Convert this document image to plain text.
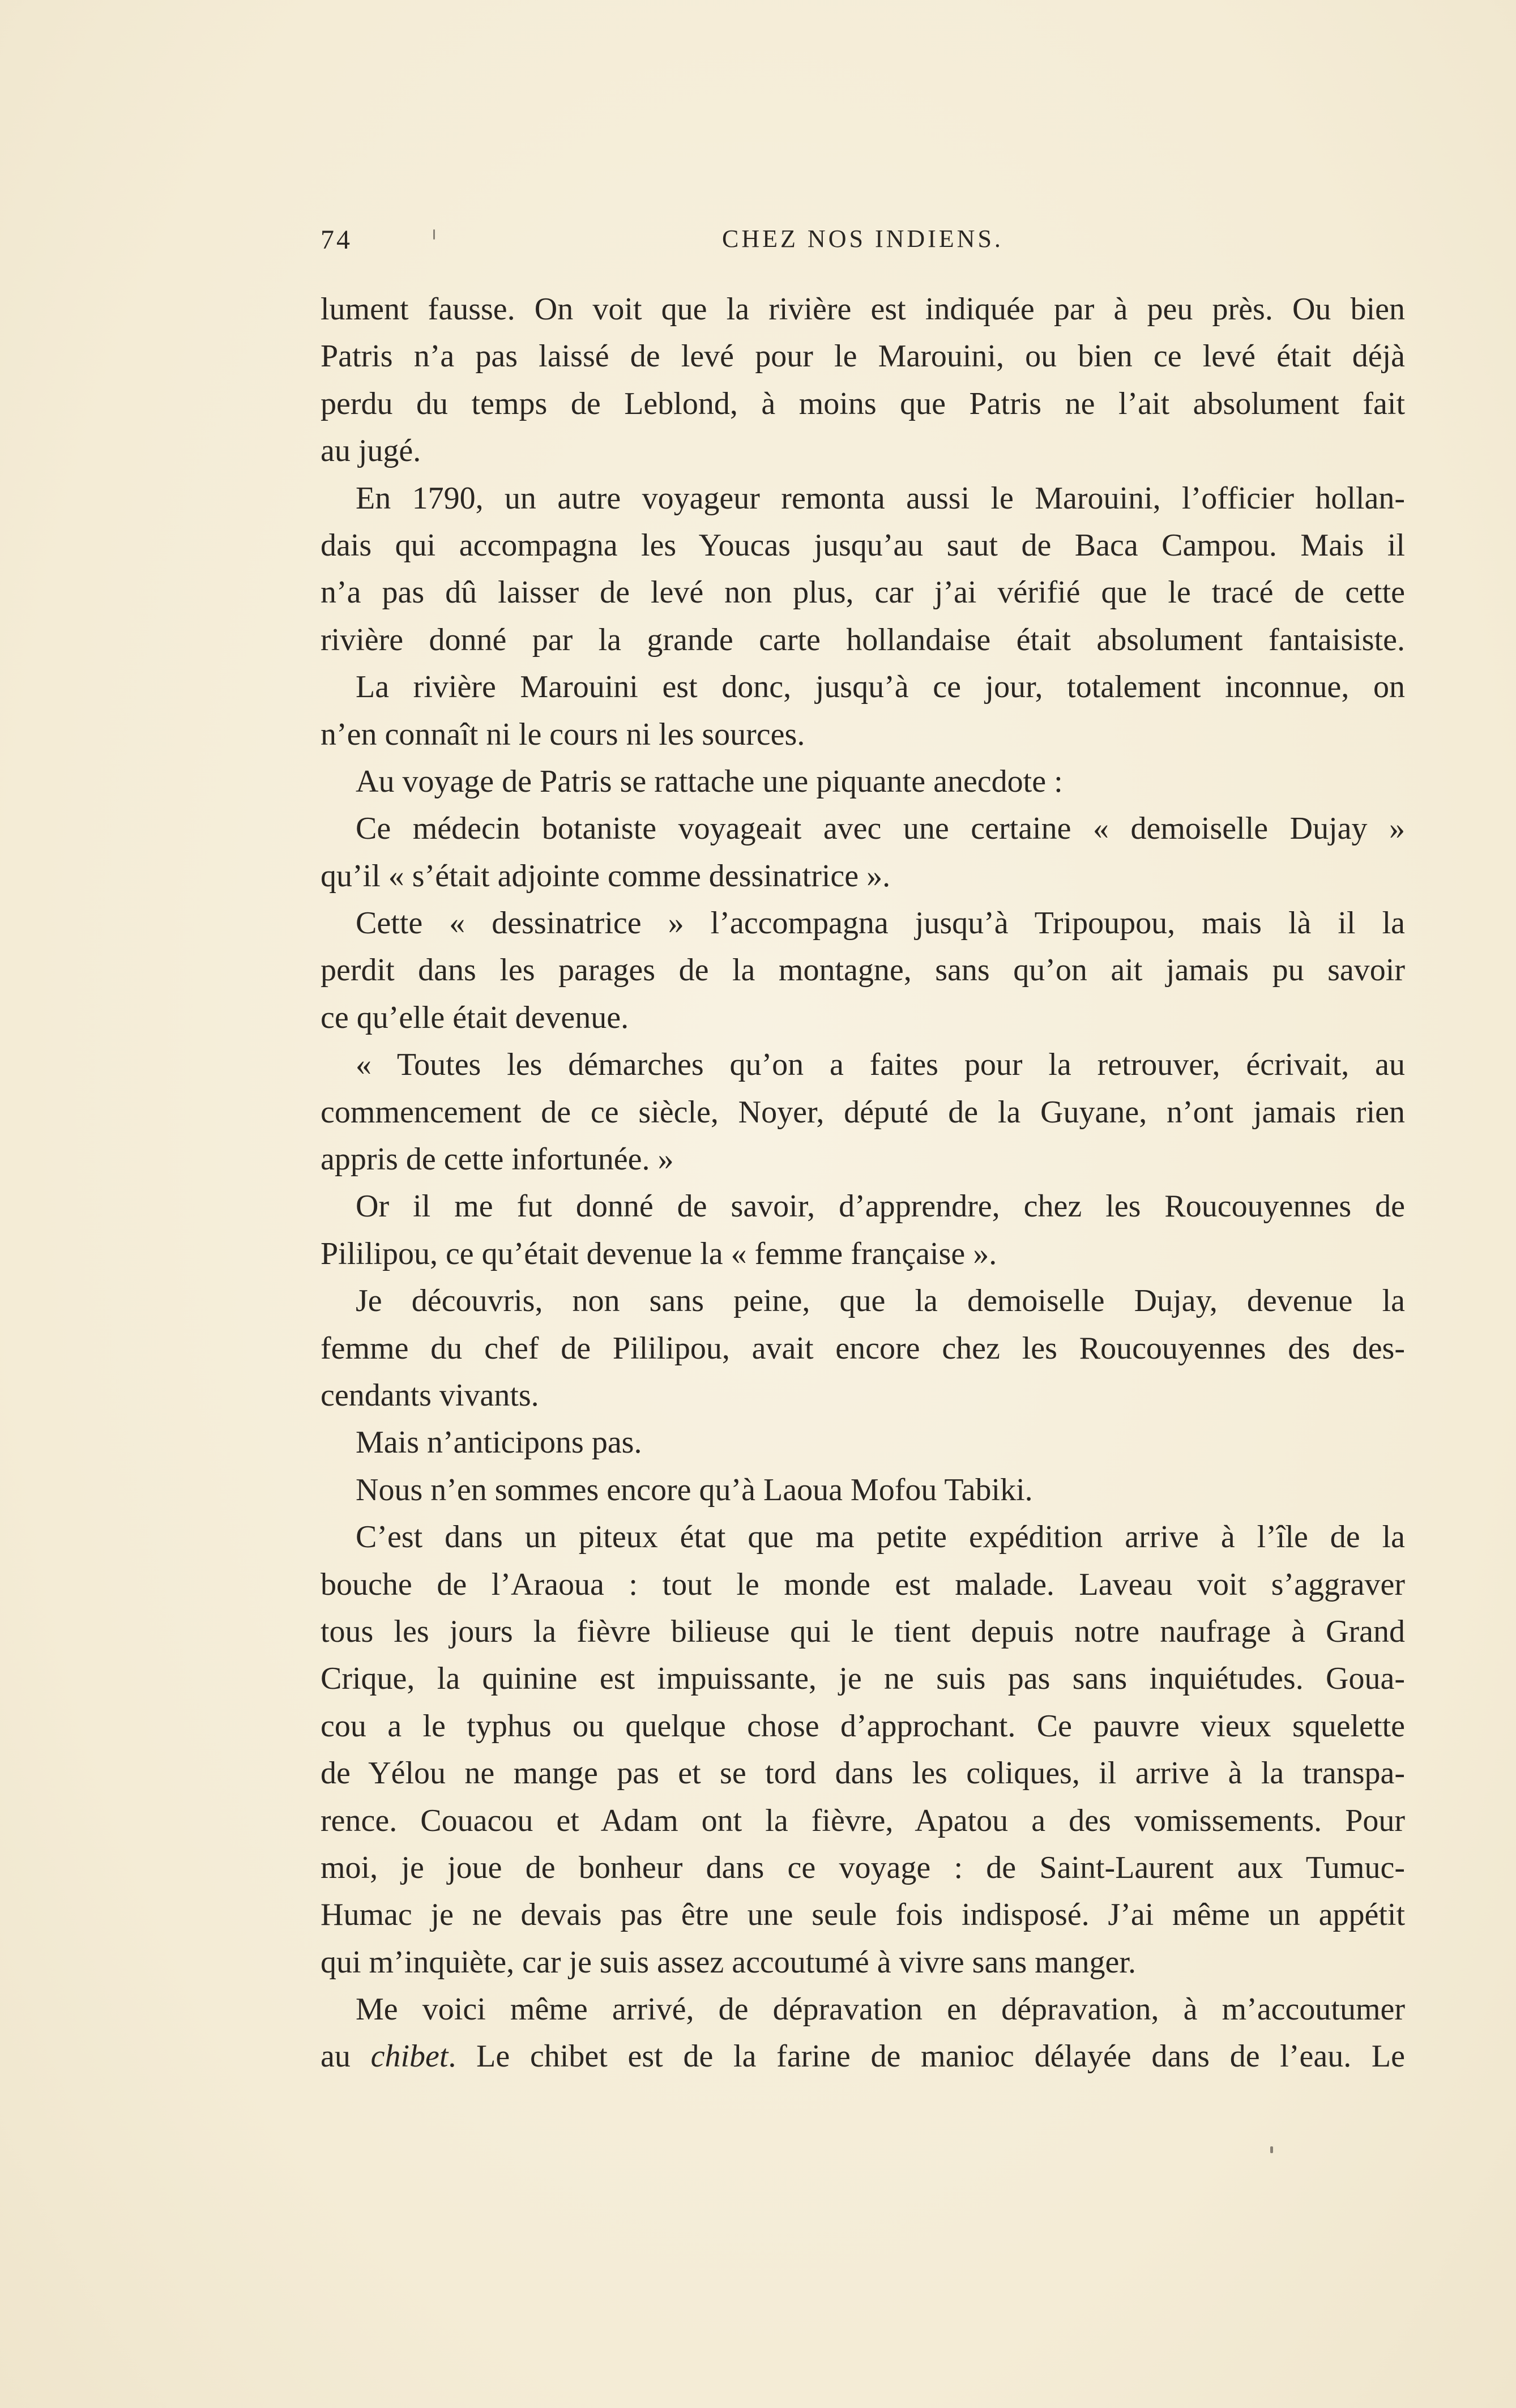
74	CHEZ NOS INDIENS.
lument fausse. On voit que la rivière est indiquée par à peu près. Ou bien
Patris n’a pas laissé de levé pour le Marouini, ou bien ce levé était déjà
perdu du temps de Leblond, à moins que Patris ne l’ait absolument fait
au jugé.
En 1790, un autre voyageur remonta aussi le Marouini, l’officier hollan-
dais qui accompagna les Youcas jusqu’au saut de Baca Campou. Mais il
n’a pas dû laisser de levé non plus, car j’ai vérifié que le tracé de cette
rivière donné par la grande carte hollandaise était absolument fantaisiste.
La rivière Marouini est donc, jusqu’à ce jour, totalement inconnue, on
n’en connaît ni le cours ni les sources.
Au voyage de Patris se rattache une piquante anecdote :
Ce médecin botaniste voyageait avec une certaine « demoiselle Dujay »
qu’il « s’était adjointe comme dessinatrice ».
Cette « dessinatrice » l’accompagna jusqu’à Tripoupou, mais là il la
perdit dans les parages de la montagne, sans qu’on ait jamais pu savoir
ce qu’elle était devenue.
« Toutes les démarches qu’on a faites pour la retrouver, écrivait, au
commencement de ce siècle, Noyer, député de la Guyane, n’ont jamais rien
appris de cette infortunée. »
Or il me fut donné de savoir, d’apprendre, chez les Roucouyennes de
Pililipou, ce qu’était devenue la « femme française ».
Je découvris, non sans peine, que la demoiselle Dujay, devenue la
femme du chef de Pililipou, avait encore chez les Roucouyennes des des-
cendants vivants.
Mais n’anticipons pas.
Nous n’en sommes encore qu’à Laoua Mofou Tabiki.
C’est dans un piteux état que ma petite expédition arrive à l’île de la
bouche de l’Araoua : tout le monde est malade. Laveau voit s’aggraver
tous les jours la fièvre bilieuse qui le tient depuis notre naufrage à Grand
Crique, la quinine est impuissante, je ne suis pas sans inquiétudes. Goua-
cou a le typhus ou quelque chose d’approchant. Ce pauvre vieux squelette
de Yélou ne mange pas et se tord dans les coliques, il arrive à la transpa-
rence. Couacou et Adam ont la fièvre, Apatou a des vomissements. Pour
moi, je joue de bonheur dans ce voyage : de Saint-Laurent aux Tumuc-
Humac je ne devais pas être une seule fois indisposé. J’ai même un appétit
qui m’inquiète, car je suis assez accoutumé à vivre sans manger.
Me voici même arrivé, de dépravation en dépravation, à m’accoutumer
au chibet. Le chibet est de la farine de manioc délayée dans de l’eau. Le
